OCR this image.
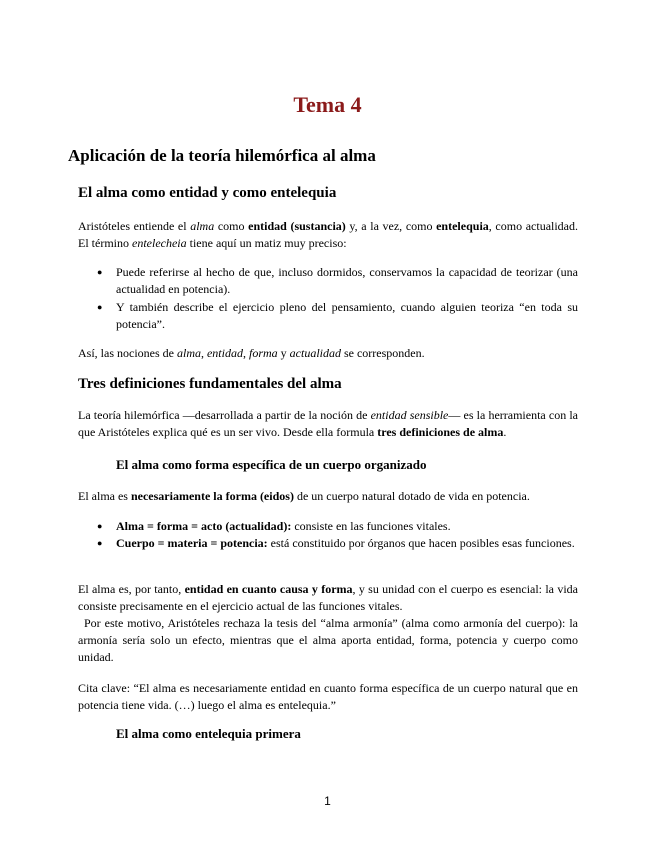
Tema 4
Aplicación de la teoría hilemórfica al alma
El alma como entidad y como entelequia

Aristóteles entiende el alma como entidad (sustancia) y, a la vez, como entelequia, como actualidad. El término entelecheia tiene aquí un matiz muy preciso:

● Puede referirse al hecho de que, incluso dormidos, conservamos la capacidad de teorizar (una actualidad en potencia).

● Y también describe el ejercicio pleno del pensamiento, cuando alguien teoriza “en toda su potencia”.

Así, las nociones de alma, entidad, forma y actualidad se corresponden.

Tres definiciones fundamentales del alma

La teoría hilemórfica —desarrollada a partir de la noción de entidad sensible— es la herramienta con la que Aristóteles explica qué es un ser vivo. Desde ella formula tres definiciones de alma.

El alma como forma específica de un cuerpo organizado

El alma es necesariamente la forma (eidos) de un cuerpo natural dotado de vida en potencia.

● Alma = forma = acto (actualidad): consiste en las funciones vitales.

● Cuerpo = materia = potencia: está constituido por órganos que hacen posibles esas funciones.

El alma es, por tanto, entidad en cuanto causa y forma, y su unidad con el cuerpo es esencial: la vida consiste precisamente en el ejercicio actual de las funciones vitales.

Por este motivo, Aristóteles rechaza la tesis del “alma armonía” (alma como armonía del cuerpo): la armonía sería solo un efecto, mientras que el alma aporta entidad, forma, potencia y cuerpo como unidad.

Cita clave: “El alma es necesariamente entidad en cuanto forma específica de un cuerpo natural que en potencia tiene vida. (…) luego el alma es entelequia.”

El alma como entelequia primera

1
